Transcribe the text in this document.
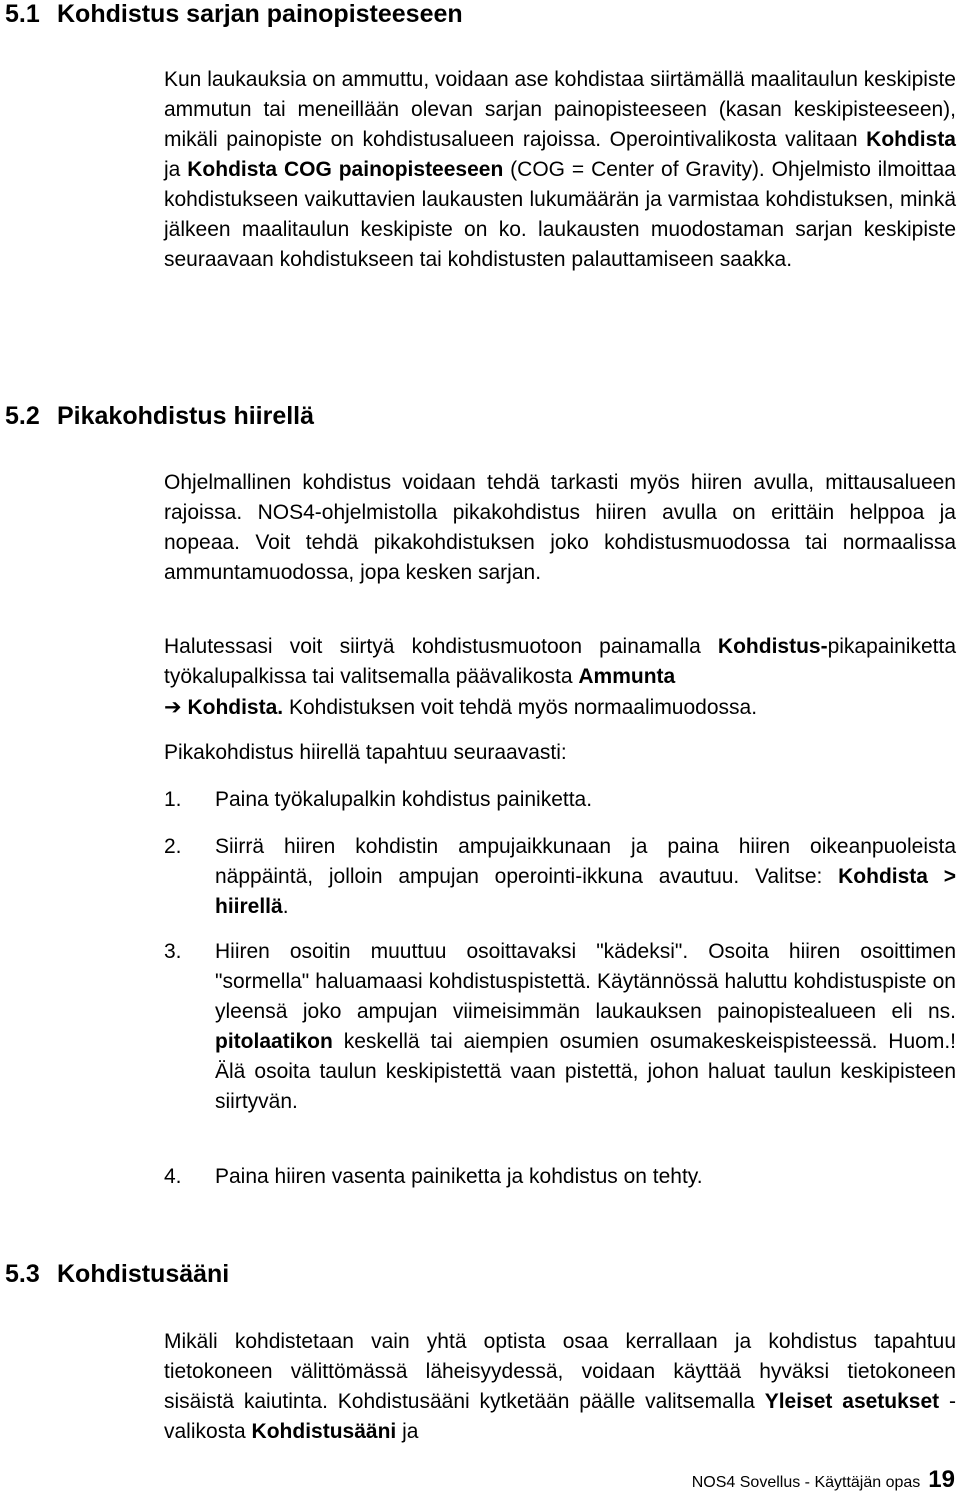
5.1 Kohdistus sarjan painopisteeseen

Kun laukauksia on ammuttu, voidaan ase kohdistaa siirtämällä maalitaulun keskipiste ammutun tai meneillään olevan sarjan painopisteeseen (kasan keskipisteeseen), mikäli painopiste on kohdistusalueen rajoissa. Operointivalikosta valitaan Kohdista ja Kohdista COG painopisteeseen (COG = Center of Gravity). Ohjelmisto ilmoittaa kohdistukseen vaikuttavien laukausten lukumäärän ja varmistaa kohdistuksen, minkä jälkeen maalitaulun keskipiste on ko. laukausten muodostaman sarjan keskipiste seuraavaan kohdistukseen tai kohdistusten palauttamiseen saakka.

5.2 Pikakohdistus hiirellä

Ohjelmallinen kohdistus voidaan tehdä tarkasti myös hiiren avulla, mittausalueen rajoissa. NOS4-ohjelmistolla pikakohdistus hiiren avulla on erittäin helppoa ja nopeaa. Voit tehdä pikakohdistuksen joko kohdistusmuodossa tai normaalissa ammuntamuodossa, jopa kesken sarjan.

Halutessasi voit siirtyä kohdistusmuotoon painamalla Kohdistus-pikapainiketta työkalupalkissa tai valitsemalla päävalikosta Ammunta
➔ Kohdista. Kohdistuksen voit tehdä myös normaalimuodossa.

Pikakohdistus hiirellä tapahtuu seuraavasti:

1. Paina työkalupalkin kohdistus painiketta.
2. Siirrä hiiren kohdistin ampujaikkunaan ja paina hiiren oikeanpuoleista näppäintä, jolloin ampujan operointi-ikkuna avautuu. Valitse: Kohdista > hiirellä.
3. Hiiren osoitin muuttuu osoittavaksi "kädeksi". Osoita hiiren osoittimen "sormella" haluamaasi kohdistuspistettä. Käytännössä haluttu kohdistuspiste on yleensä joko ampujan viimeisimmän laukauksen painopistealueen eli ns. pitolaatikon keskellä tai aiempien osumien osumakeskeispisteessä. Huom.! Älä osoita taulun keskipistettä vaan pistettä, johon haluat taulun keskipisteen siirtyvän.
4. Paina hiiren vasenta painiketta ja kohdistus on tehty.
5.3 Kohdistusääni

Mikäli kohdistetaan vain yhtä optista osaa kerrallaan ja kohdistus tapahtuu tietokoneen välittömässä läheisyydessä, voidaan käyttää hyväksi tietokoneen sisäistä kaiutinta. Kohdistusääni kytketään päälle valitsemalla Yleiset asetukset -valikosta Kohdistusääni ja

NOS4 Sovellus - Käyttäjän opas 19
